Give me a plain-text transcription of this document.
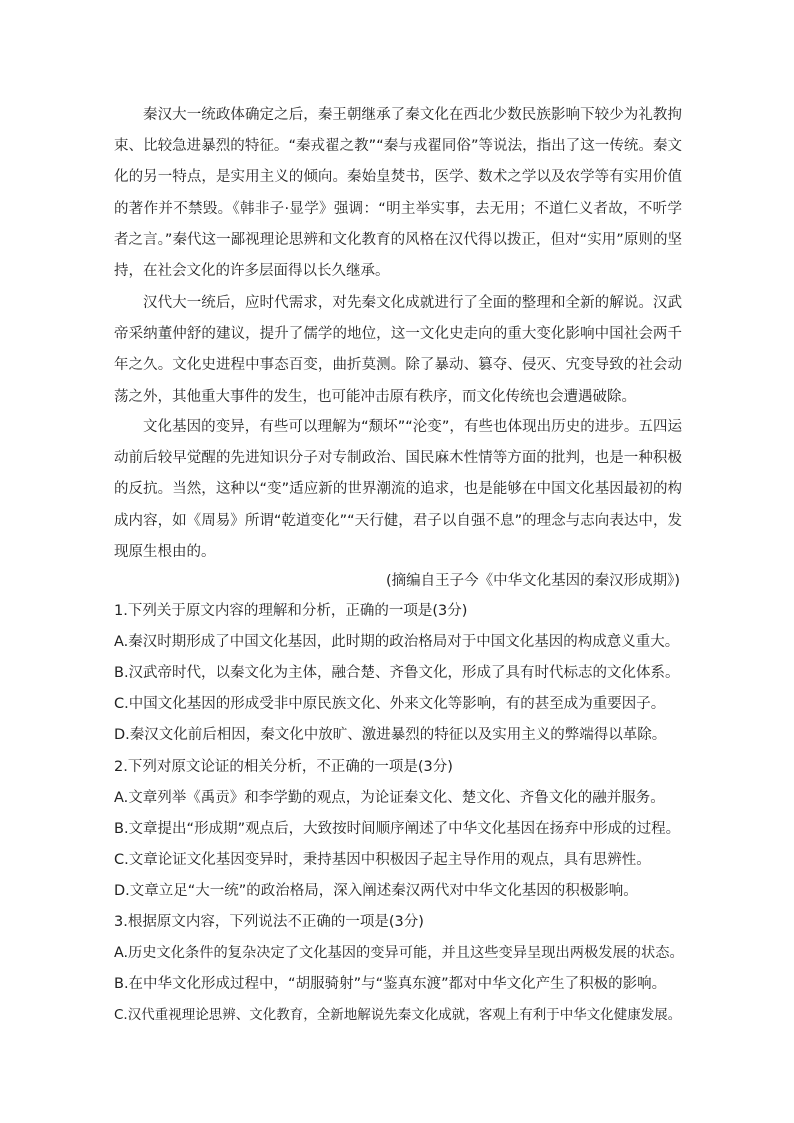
秦汉大一统政体确定之后，秦王朝继承了秦文化在西北少数民族影响下较少为礼教拘束、比较急进暴烈的特征。“秦戎翟之教”“秦与戎翟同俗”等说法，指出了这一传统。秦文化的另一特点，是实用主义的倾向。秦始皇焚书，医学、数术之学以及农学等有实用价值的著作并不禁毁。《韩非子·显学》强调：“明主举实事，去无用；不道仁义者故，不听学者之言。”秦代这一鄙视理论思辨和文化教育的风格在汉代得以拨正，但对“实用”原则的坚持，在社会文化的许多层面得以长久继承。

汉代大一统后，应时代需求，对先秦文化成就进行了全面的整理和全新的解说。汉武帝采纳董仲舒的建议，提升了儒学的地位，这一文化史走向的重大变化影响中国社会两千年之久。文化史进程中事态百变，曲折莫测。除了暴动、篡夺、侵灭、宄变导致的社会动荡之外，其他重大事件的发生，也可能冲击原有秩序，而文化传统也会遭遇破除。

文化基因的变异，有些可以理解为“颓坏”“沦变”，有些也体现出历史的进步。五四运动前后较早觉醒的先进知识分子对专制政治、国民麻木性情等方面的批判，也是一种积极的反抗。当然，这种以“变”适应新的世界潮流的追求，也是能够在中国文化基因最初的构成内容，如《周易》所谓“乾道变化”“天行健，君子以自强不息”的理念与志向表达中，发现原生根由的。

(摘编自王子今《中华文化基因的秦汉形成期》)
1.下列关于原文内容的理解和分析，正确的一项是(3分)
A.秦汉时期形成了中国文化基因，此时期的政治格局对于中国文化基因的构成意义重大。
B.汉武帝时代，以秦文化为主体，融合楚、齐鲁文化，形成了具有时代标志的文化体系。
C.中国文化基因的形成受非中原民族文化、外来文化等影响，有的甚至成为重要因子。
D.秦汉文化前后相因，秦文化中放旷、激进暴烈的特征以及实用主义的弊端得以革除。
2.下列对原文论证的相关分析，不正确的一项是(3分)
A.文章列举《禹贡》和李学勤的观点，为论证秦文化、楚文化、齐鲁文化的融并服务。
B.文章提出“形成期”观点后，大致按时间顺序阐述了中华文化基因在扬弃中形成的过程。
C.文章论证文化基因变异时，秉持基因中积极因子起主导作用的观点，具有思辨性。
D.文章立足“大一统”的政治格局，深入阐述秦汉两代对中华文化基因的积极影响。
3.根据原文内容，下列说法不正确的一项是(3分)
A.历史文化条件的复杂决定了文化基因的变异可能，并且这些变异呈现出两极发展的状态。
B.在中华文化形成过程中，“胡服骑射”与“鉴真东渡”都对中华文化产生了积极的影响。
C.汉代重视理论思辨、文化教育，全新地解说先秦文化成就，客观上有利于中华文化健康发展。
